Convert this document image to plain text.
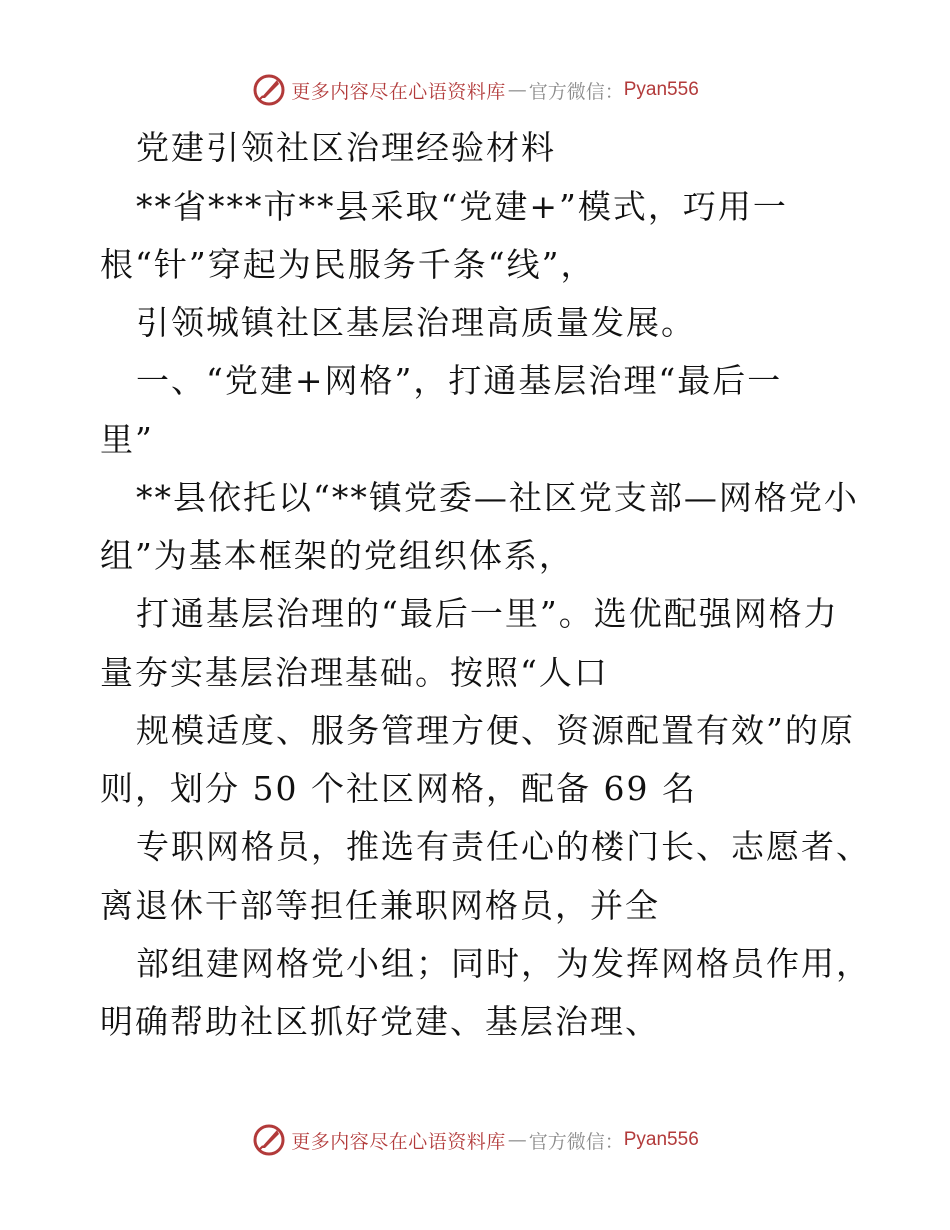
更多内容尽在心语资料库 — 官方微信： Pyan556
党建引领社区治理经验材料
**省***市**县采取“党建+”模式，巧用一
根“针”穿起为民服务千条“线”，
引领城镇社区基层治理高质量发展。
一、“党建+网格”，打通基层治理“最后一
里”
**县依托以“**镇党委—社区党支部—网格党小
组”为基本框架的党组织体系，
打通基层治理的“最后一里”。选优配强网格力
量夯实基层治理基础。按照“人口
规模适度、服务管理方便、资源配置有效”的原
则，划分 50 个社区网格，配备 69 名
专职网格员，推选有责任心的楼门长、志愿者、
离退休干部等担任兼职网格员，并全
部组建网格党小组；同时，为发挥网格员作用，
明确帮助社区抓好党建、基层治理、
更多内容尽在心语资料库 — 官方微信： Pyan556
